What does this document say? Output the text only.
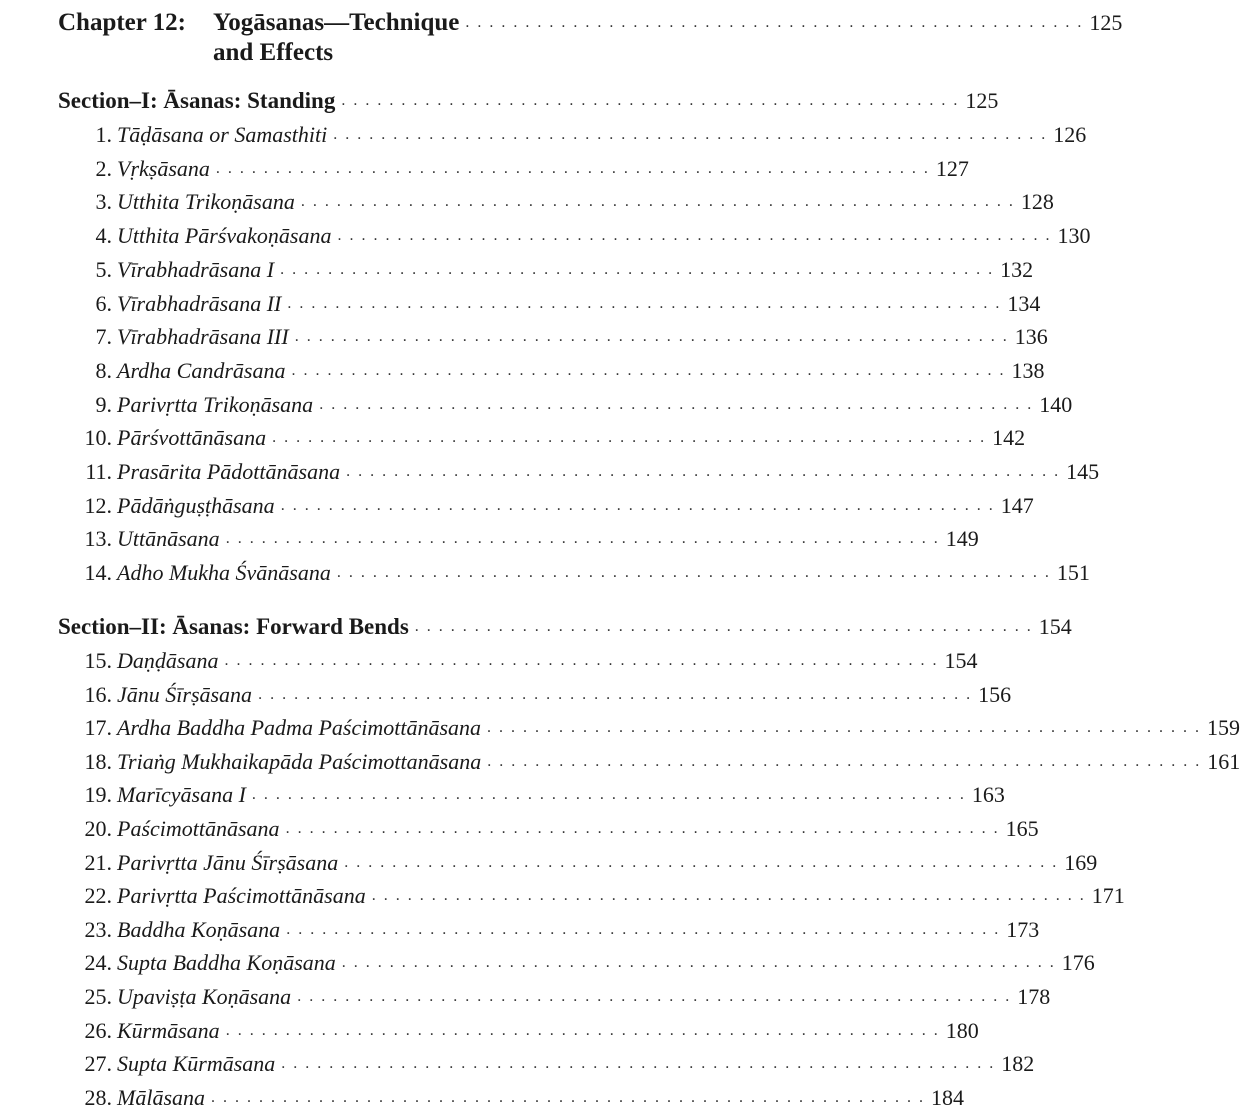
Chapter 12: Yogāsanas—Technique . . . . . . . . . . . . . . . . . . . . . . . . . . . . . . . . . . . . . . . . . . . . . . . . . . . . 125
and Effects
Section–I: Āsanas: Standing . . . . . . . . . . . . . . . . . . . . . . . . . . . . . . . . . . . . . . . . . . . . . . . . . . . . 125
1. Tāḍāsana or Samasthiti . . . . . . . . . . . . . . . . . . . . . . . . . . . . . . . . . . . . . . . . . . . . . . . . . . . . . . . . . . . . 126
2. Vṛkṣāsana . . . . . . . . . . . . . . . . . . . . . . . . . . . . . . . . . . . . . . . . . . . . . . . . . . . . . . . . . . . . 127
3. Utthita Trikoṇāsana . . . . . . . . . . . . . . . . . . . . . . . . . . . . . . . . . . . . . . . . . . . . . . . . . . . . . . . . . . . . 128
4. Utthita Pārśvakoṇāsana . . . . . . . . . . . . . . . . . . . . . . . . . . . . . . . . . . . . . . . . . . . . . . . . . . . . . . . . . . . . 130
5. Vīrabhadrāsana I . . . . . . . . . . . . . . . . . . . . . . . . . . . . . . . . . . . . . . . . . . . . . . . . . . . . . . . . . . . . 132
6. Vīrabhadrāsana II . . . . . . . . . . . . . . . . . . . . . . . . . . . . . . . . . . . . . . . . . . . . . . . . . . . . . . . . . . . . 134
7. Vīrabhadrāsana III . . . . . . . . . . . . . . . . . . . . . . . . . . . . . . . . . . . . . . . . . . . . . . . . . . . . . . . . . . . . 136
8. Ardha Candrāsana . . . . . . . . . . . . . . . . . . . . . . . . . . . . . . . . . . . . . . . . . . . . . . . . . . . . . . . . . . . . 138
9. Parivṛtta Trikoṇāsana . . . . . . . . . . . . . . . . . . . . . . . . . . . . . . . . . . . . . . . . . . . . . . . . . . . . . . . . . . . . 140
10. Pārśvottānāsana . . . . . . . . . . . . . . . . . . . . . . . . . . . . . . . . . . . . . . . . . . . . . . . . . . . . . . . . . . . . 142
11. Prasārita Pādottānāsana . . . . . . . . . . . . . . . . . . . . . . . . . . . . . . . . . . . . . . . . . . . . . . . . . . . . . . . . . . . . 145
12. Pādāṅguṣṭhāsana . . . . . . . . . . . . . . . . . . . . . . . . . . . . . . . . . . . . . . . . . . . . . . . . . . . . . . . . . . . . 147
13. Uttānāsana . . . . . . . . . . . . . . . . . . . . . . . . . . . . . . . . . . . . . . . . . . . . . . . . . . . . . . . . . . . . 149
14. Adho Mukha Śvānāsana . . . . . . . . . . . . . . . . . . . . . . . . . . . . . . . . . . . . . . . . . . . . . . . . . . . . . . . . . . . . 151
Section–II: Āsanas: Forward Bends . . . . . . . . . . . . . . . . . . . . . . . . . . . . . . . . . . . . . . . . . . . . . . . . . . . . 154
15. Daṇḍāsana . . . . . . . . . . . . . . . . . . . . . . . . . . . . . . . . . . . . . . . . . . . . . . . . . . . . . . . . . . . . 154
16. Jānu Śīrṣāsana . . . . . . . . . . . . . . . . . . . . . . . . . . . . . . . . . . . . . . . . . . . . . . . . . . . . . . . . . . . . 156
17. Ardha Baddha Padma Paścimottānāsana . . . . . . . . . . . . . . . . . . . . . . . . . . . . . . . . . . . . . . . . . . . . . . . . . . . . . . . . . . . . 159
18. Triaṅg Mukhaikapāda Paścimottanāsana . . . . . . . . . . . . . . . . . . . . . . . . . . . . . . . . . . . . . . . . . . . . . . . . . . . . . . . . . . . . 161
19. Marīcyāsana I . . . . . . . . . . . . . . . . . . . . . . . . . . . . . . . . . . . . . . . . . . . . . . . . . . . . . . . . . . . . 163
20. Paścimottānāsana . . . . . . . . . . . . . . . . . . . . . . . . . . . . . . . . . . . . . . . . . . . . . . . . . . . . . . . . . . . . 165
21. Parivṛtta Jānu Śīrṣāsana . . . . . . . . . . . . . . . . . . . . . . . . . . . . . . . . . . . . . . . . . . . . . . . . . . . . . . . . . . . . 169
22. Parivṛtta Paścimottānāsana . . . . . . . . . . . . . . . . . . . . . . . . . . . . . . . . . . . . . . . . . . . . . . . . . . . . . . . . . . . . 171
23. Baddha Koṇāsana . . . . . . . . . . . . . . . . . . . . . . . . . . . . . . . . . . . . . . . . . . . . . . . . . . . . . . . . . . . . 173
24. Supta Baddha Koṇāsana . . . . . . . . . . . . . . . . . . . . . . . . . . . . . . . . . . . . . . . . . . . . . . . . . . . . . . . . . . . . 176
25. Upaviṣṭa Koṇāsana . . . . . . . . . . . . . . . . . . . . . . . . . . . . . . . . . . . . . . . . . . . . . . . . . . . . . . . . . . . . 178
26. Kūrmāsana . . . . . . . . . . . . . . . . . . . . . . . . . . . . . . . . . . . . . . . . . . . . . . . . . . . . . . . . . . . . 180
27. Supta Kūrmāsana . . . . . . . . . . . . . . . . . . . . . . . . . . . . . . . . . . . . . . . . . . . . . . . . . . . . . . . . . . . . 182
28. Mālāsana . . . . . . . . . . . . . . . . . . . . . . . . . . . . . . . . . . . . . . . . . . . . . . . . . . . . . . . . . . . . 184
